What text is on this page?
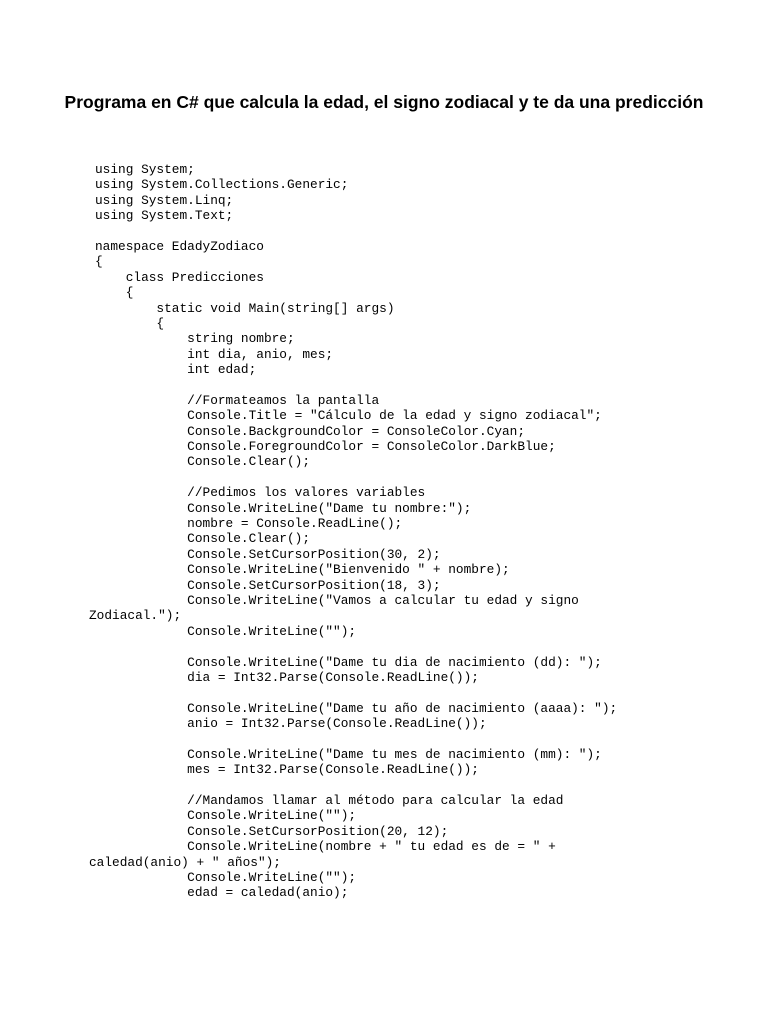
Programa en C# que calcula la edad, el signo zodiacal y te da una predicción
using System;
using System.Collections.Generic;
using System.Linq;
using System.Text;
namespace EdadyZodiaco
{
class Predicciones
{
static void Main(string[] args)
{
string nombre;
int dia, anio, mes;
int edad;
//Formateamos la pantalla
Console.Title = "Cálculo de la edad y signo zodiacal";
Console.BackgroundColor = ConsoleColor.Cyan;
Console.ForegroundColor = ConsoleColor.DarkBlue;
Console.Clear();
//Pedimos los valores variables
Console.WriteLine("Dame tu nombre:");
nombre = Console.ReadLine();
Console.Clear();
Console.SetCursorPosition(30, 2);
Console.WriteLine("Bienvenido " + nombre);
Console.SetCursorPosition(18, 3);
Console.WriteLine("Vamos a calcular tu edad y signo
Zodiacal.");
Console.WriteLine("");
Console.WriteLine("Dame tu dia de nacimiento (dd): ");
dia = Int32.Parse(Console.ReadLine());
Console.WriteLine("Dame tu año de nacimiento (aaaa): ");
anio = Int32.Parse(Console.ReadLine());
Console.WriteLine("Dame tu mes de nacimiento (mm): ");
mes = Int32.Parse(Console.ReadLine());
//Mandamos llamar al método para calcular la edad
Console.WriteLine("");
Console.SetCursorPosition(20, 12);
Console.WriteLine(nombre + " tu edad es de = " +
caledad(anio) + " años");
Console.WriteLine("");
edad = caledad(anio);
